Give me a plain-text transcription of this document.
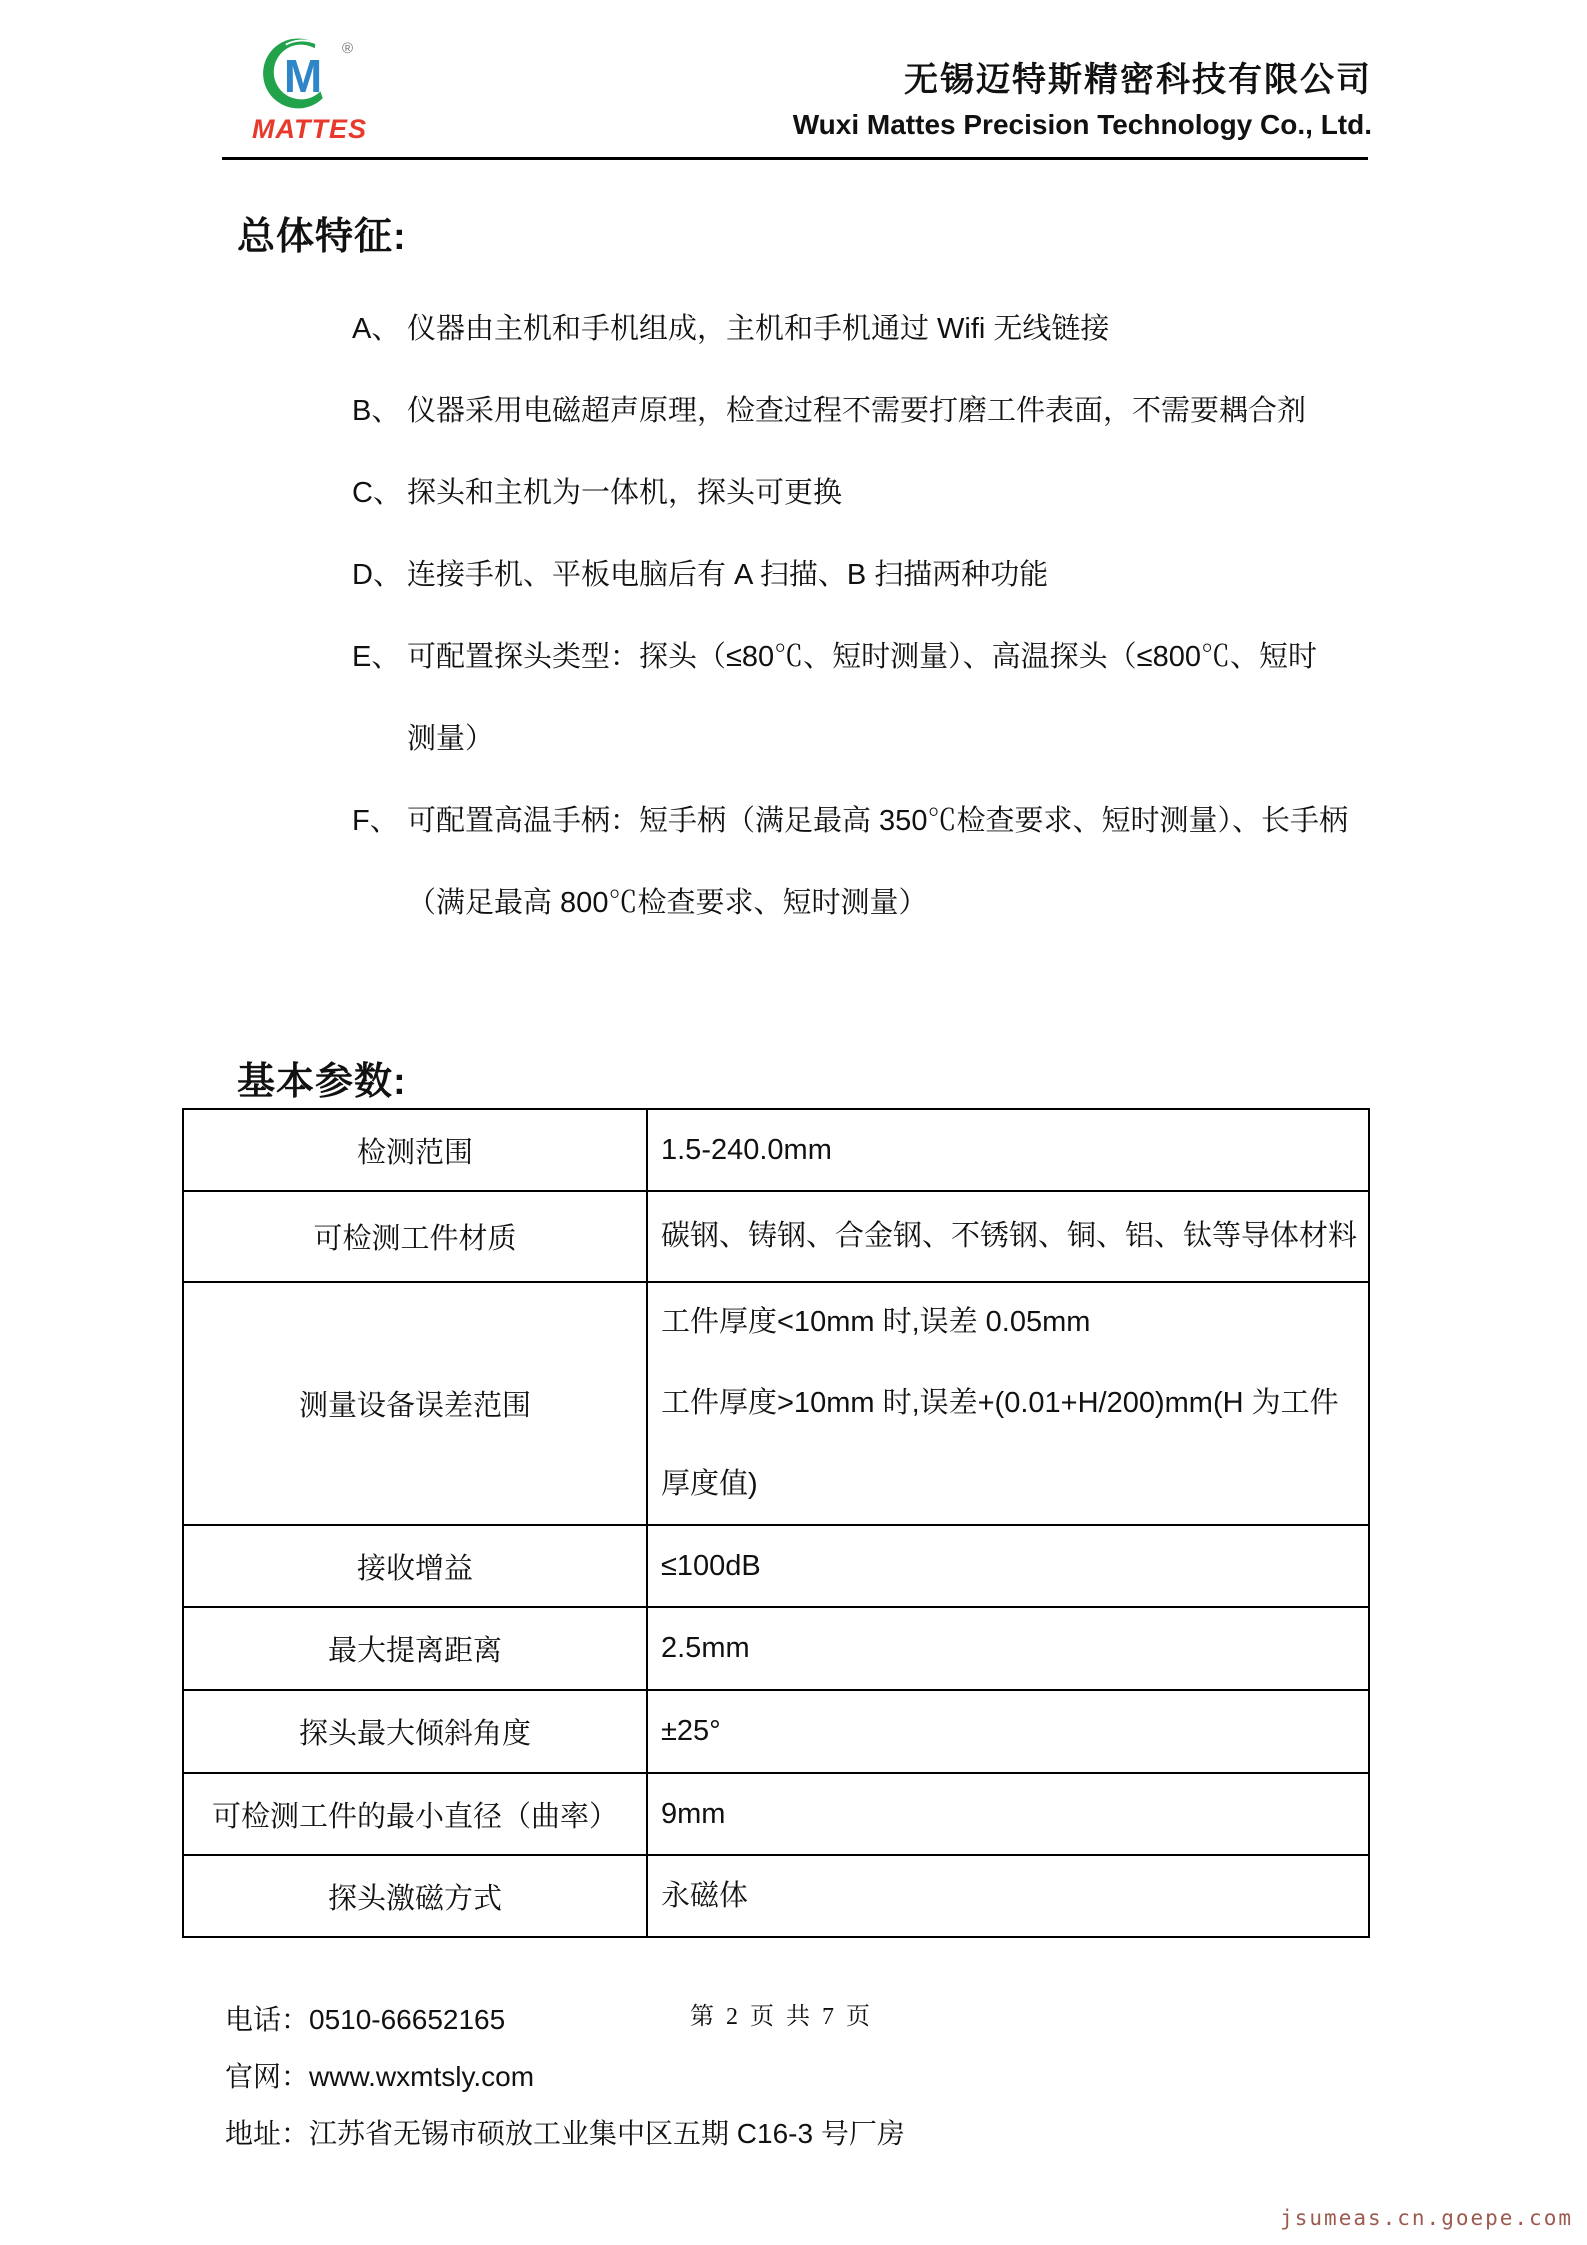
M
®
MATTES
无锡迈特斯精密科技有限公司
Wuxi Mattes Precision Technology Co., Ltd.
总体特征:
A、 仪器由主机和手机组成，主机和手机通过 Wifi 无线链接
B、 仪器采用电磁超声原理，检查过程不需要打磨工件表面，不需要耦合剂
C、 探头和主机为一体机，探头可更换
D、 连接手机、平板电脑后有 A 扫描、B 扫描两种功能
E、 可配置探头类型：探头（≤80℃、短时测量）、高温探头（≤800℃、短时
测量）
F、 可配置高温手柄：短手柄（满足最高 350℃检查要求、短时测量）、长手柄
（满足最高 800℃检查要求、短时测量）
基本参数:
检测范围	1.5-240.0mm
可检测工件材质	碳钢、铸钢、合金钢、不锈钢、铜、铝、钛等导体材料
测量设备误差范围
工件厚度<10mm 时,误差 0.05mm
工件厚度>10mm 时,误差+(0.01+H/200)mm(H 为工件
厚度值)
接收增益	≤100dB
最大提离距离	2.5mm
探头最大倾斜角度	±25°
可检测工件的最小直径（曲率）	9mm
探头激磁方式	永磁体
电话：0510-66652165
官网：www.wxmtsly.com
地址：江苏省无锡市硕放工业集中区五期 C16-3 号厂房
第 2 页 共 7 页
jsumeas.cn.goepe.com
